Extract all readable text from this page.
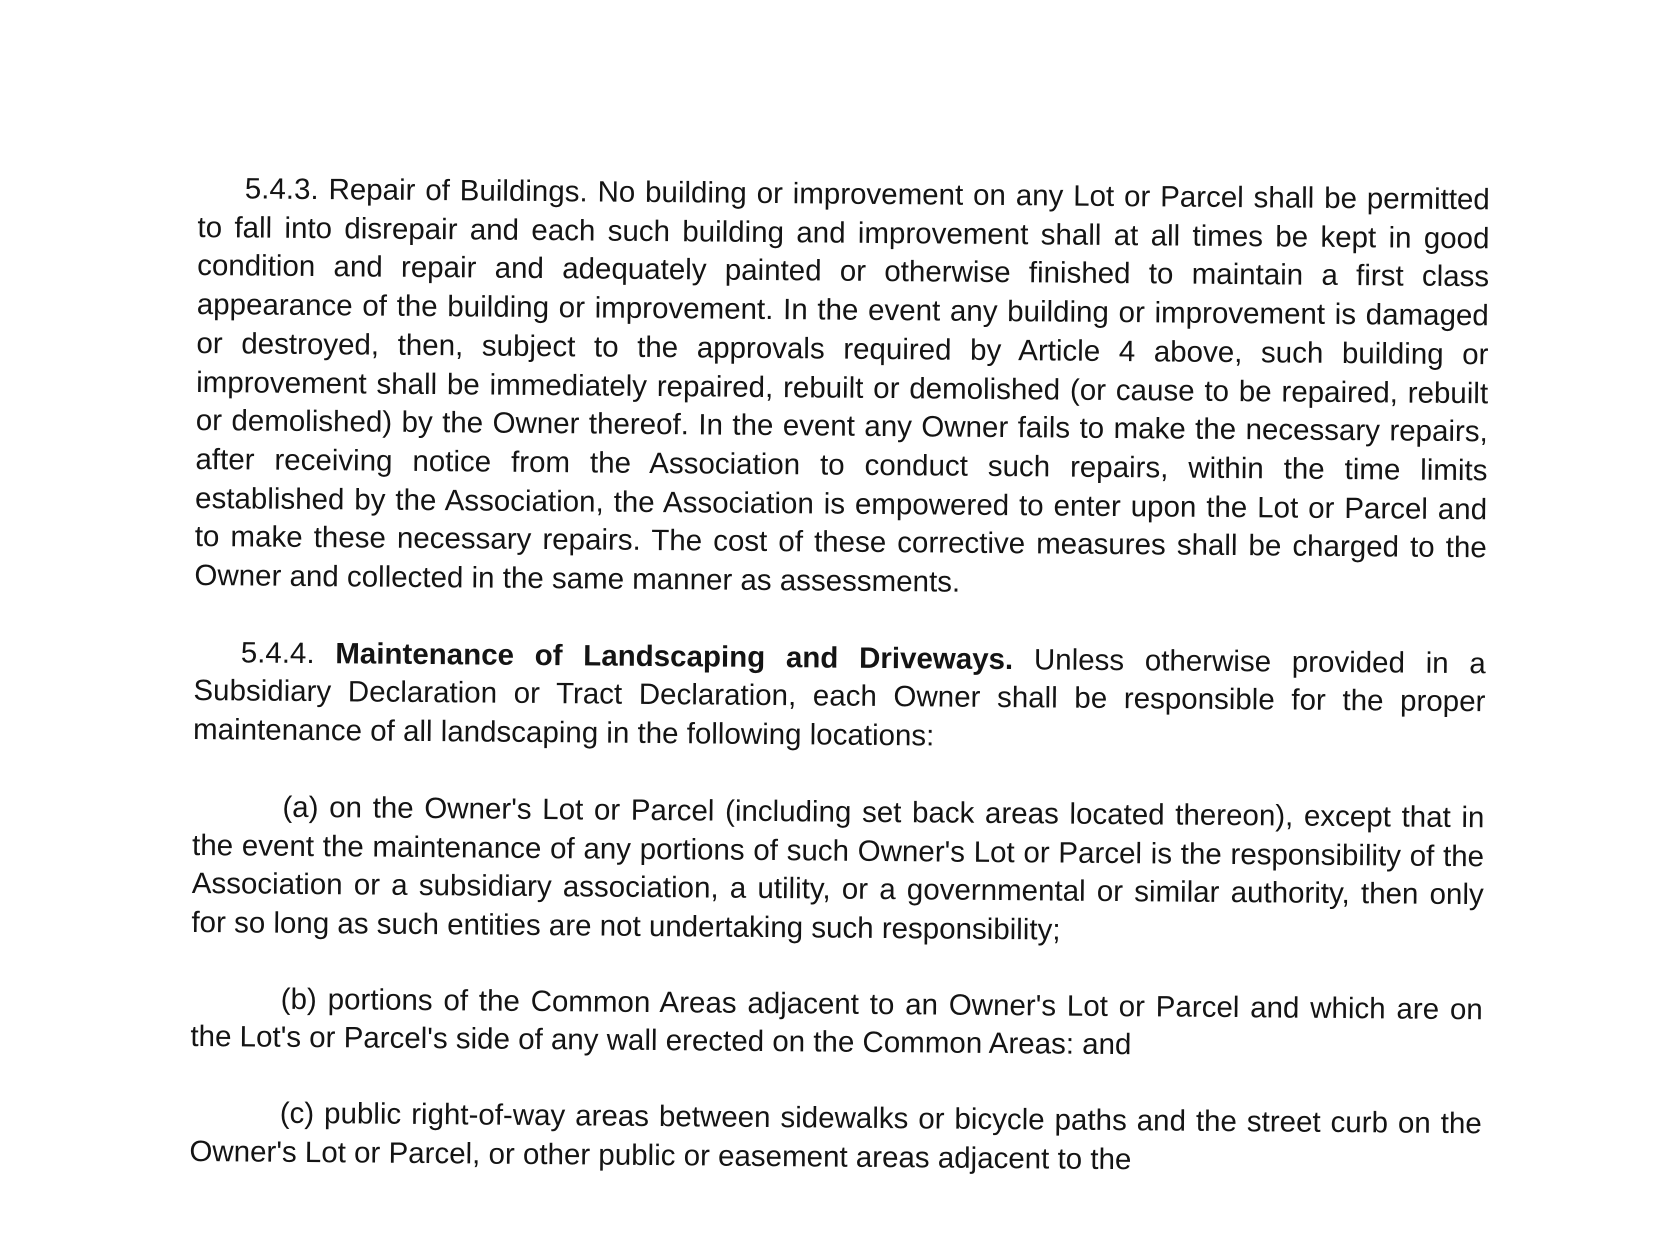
5.4.3. Repair of Buildings. No building or improvement on any Lot or Parcel shall be permitted to fall into disrepair and each such building and improvement shall at all times be kept in good condition and repair and adequately painted or otherwise finished to maintain a first class appearance of the building or improvement. In the event any building or improvement is damaged or destroyed, then, subject to the approvals required by Article 4 above, such building or improvement shall be immediately repaired, rebuilt or demolished (or cause to be repaired, rebuilt or demolished) by the Owner thereof. In the event any Owner fails to make the necessary repairs, after receiving notice from the Association to conduct such repairs, within the time limits established by the Association, the Association is empowered to enter upon the Lot or Parcel and to make these necessary repairs. The cost of these corrective measures shall be charged to the Owner and collected in the same manner as assessments.

5.4.4. Maintenance of Landscaping and Driveways. Unless otherwise provided in a Subsidiary Declaration or Tract Declaration, each Owner shall be responsible for the proper maintenance of all landscaping in the following locations:

(a) on the Owner's Lot or Parcel (including set back areas located thereon), except that in the event the maintenance of any portions of such Owner's Lot or Parcel is the responsibility of the Association or a subsidiary association, a utility, or a governmental or similar authority, then only for so long as such entities are not undertaking such responsibility;

(b) portions of the Common Areas adjacent to an Owner's Lot or Parcel and which are on the Lot's or Parcel's side of any wall erected on the Common Areas: and

(c) public right-of-way areas between sidewalks or bicycle paths and the street curb on the Owner's Lot or Parcel, or other public or easement areas adjacent to the
